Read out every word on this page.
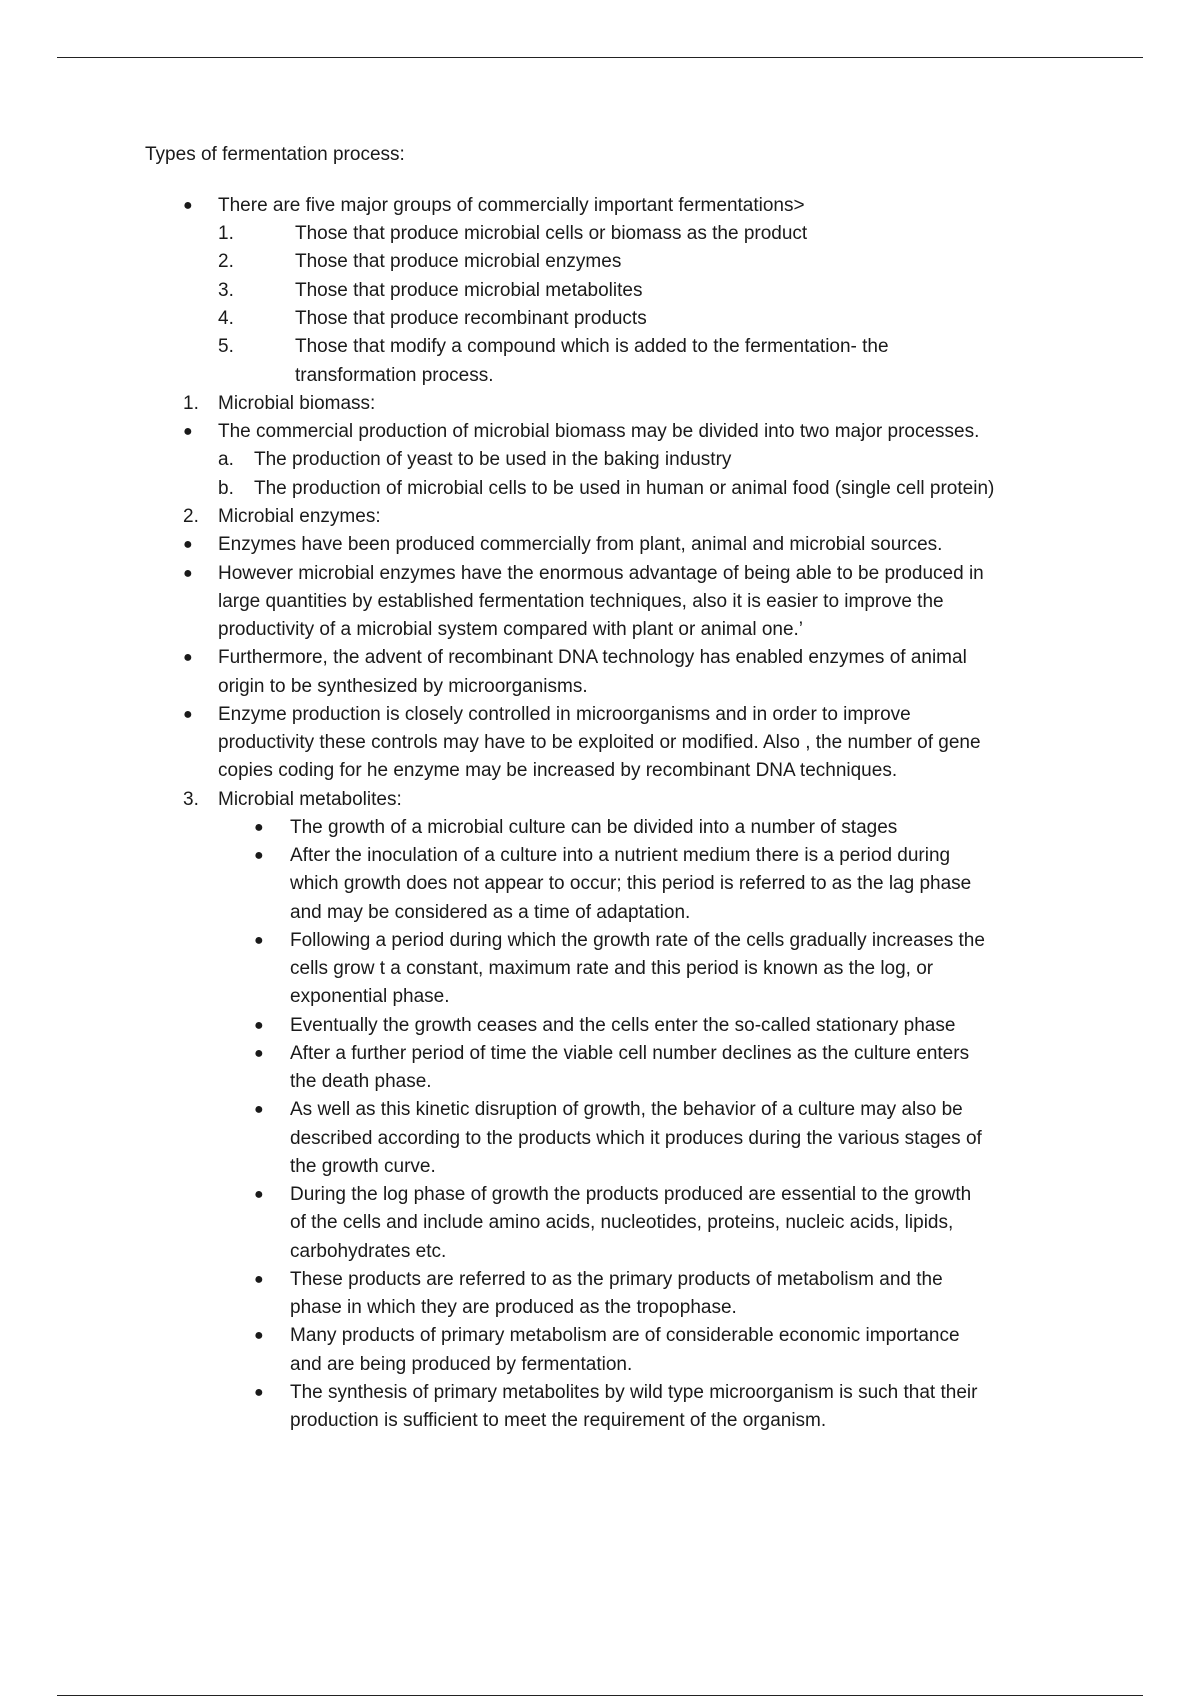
Types of fermentation process:
● There are five major groups of commercially important fermentations>
1.	Those that produce microbial cells or biomass as the product
2.	Those that produce microbial enzymes
3.	Those that produce microbial metabolites
4.	Those that produce recombinant products
5.	Those that modify a compound which is added to the fermentation- the
transformation process.
1. Microbial biomass:
● The commercial production of microbial biomass may be divided into two major processes.
a. The production of yeast to be used in the baking industry
b. The production of microbial cells to be used in human or animal food (single cell protein)
2. Microbial enzymes:
● Enzymes have been produced commercially from plant, animal and microbial sources.
● However microbial enzymes have the enormous advantage of being able to be produced in
large quantities by established fermentation techniques, also it is easier to improve the
productivity of a microbial system compared with plant or animal one.’
● Furthermore, the advent of recombinant DNA technology has enabled enzymes of animal
origin to be synthesized by microorganisms.
● Enzyme production is closely controlled in microorganisms and in order to improve
productivity these controls may have to be exploited or modified. Also , the number of gene
copies coding for he enzyme may be increased by recombinant DNA techniques.
3. Microbial metabolites:
● The growth of a microbial culture can be divided into a number of stages
● After the inoculation of a culture into a nutrient medium there is a period during
which growth does not appear to occur; this period is referred to as the lag phase
and may be considered as a time of adaptation.
● Following a period during which the growth rate of the cells gradually increases the
cells grow t a constant, maximum rate and this period is known as the log, or
exponential phase.
● Eventually the growth ceases and the cells enter the so-called stationary phase
● After a further period of time the viable cell number declines as the culture enters
the death phase.
● As well as this kinetic disruption of growth, the behavior of a culture may also be
described according to the products which it produces during the various stages of
the growth curve.
● During the log phase of growth the products produced are essential to the growth
of the cells and include amino acids, nucleotides, proteins, nucleic acids, lipids,
carbohydrates etc.
● These products are referred to as the primary products of metabolism and the
phase in which they are produced as the tropophase.
● Many products of primary metabolism are of considerable economic importance
and are being produced by fermentation.
● The synthesis of primary metabolites by wild type microorganism is such that their
production is sufficient to meet the requirement of the organism.
